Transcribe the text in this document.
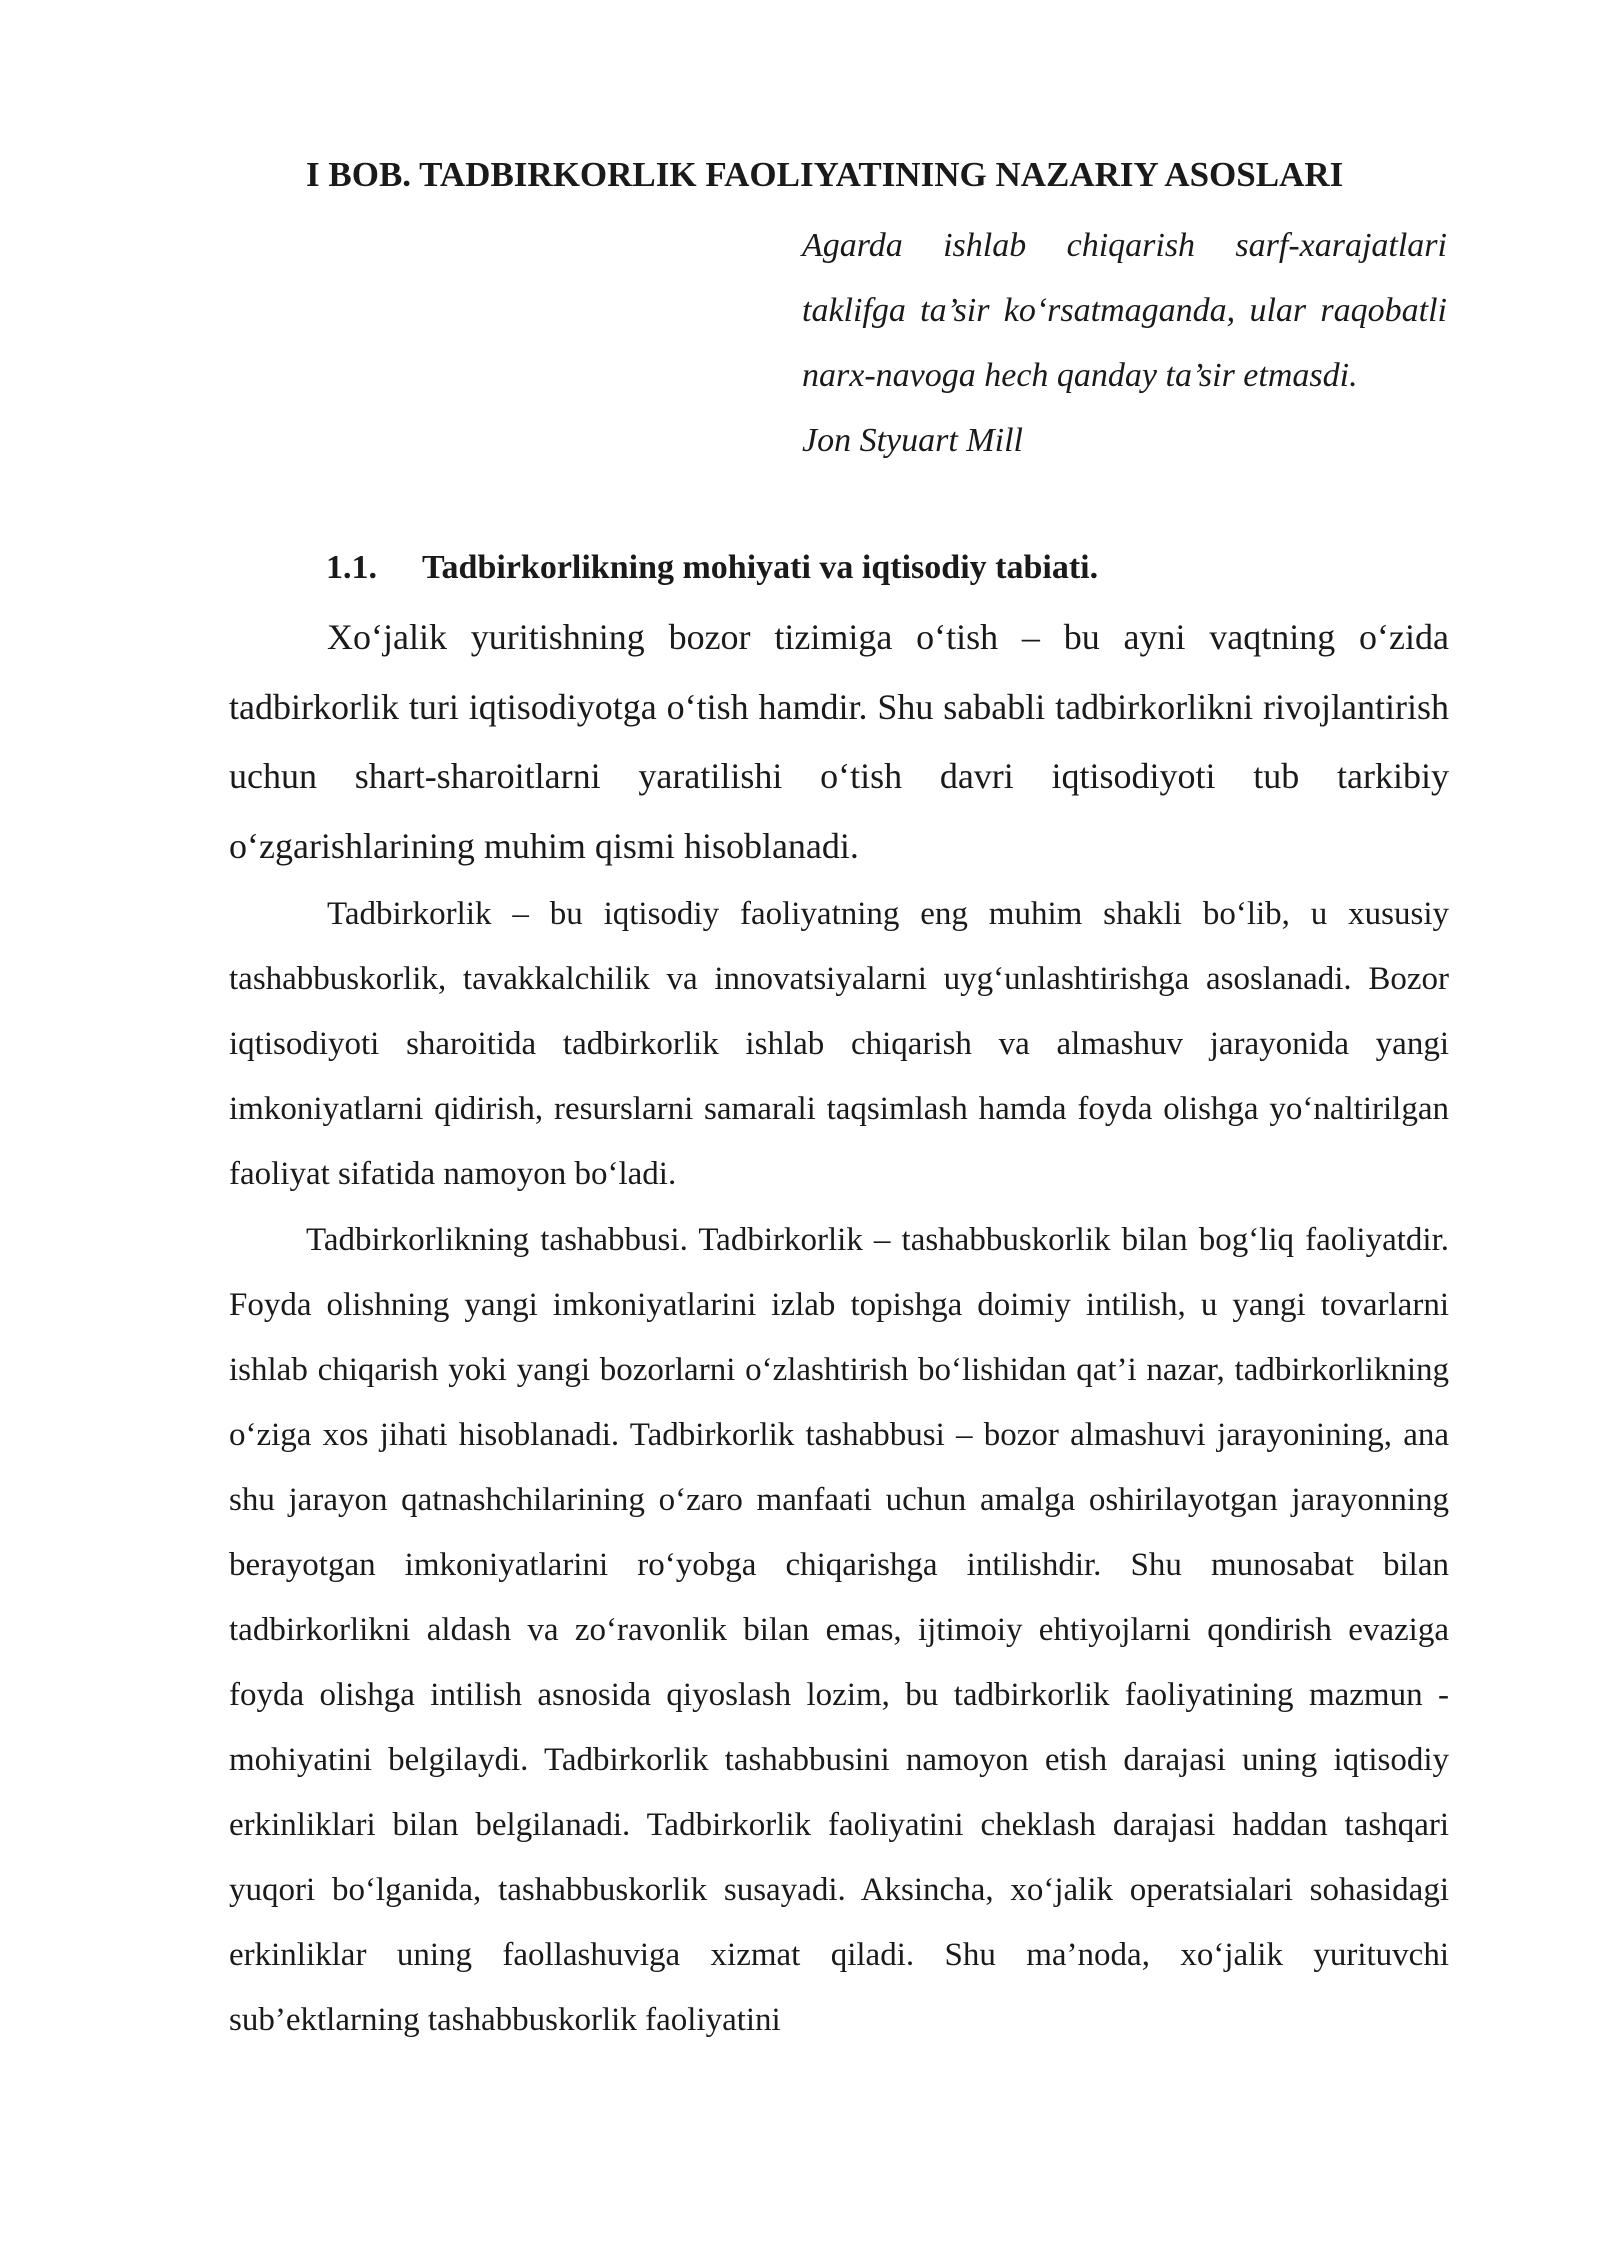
I BOB. TADBIRKORLIK FAOLIYATINING NAZARIY ASOSLARI
Agarda ishlab chiqarish sarf-xarajatlari taklifga ta’sir ko‘rsatmaganda, ular raqobatli narx-navoga hech qanday ta’sir etmasdi.
Jon Styuart Mill
1.1. Tadbirkorlikning mohiyati va iqtisodiy tabiati.

Xo‘jalik yuritishning bozor tizimiga o‘tish – bu ayni vaqtning o‘zida tadbirkorlik turi iqtisodiyotga o‘tish hamdir. Shu sababli tadbirkorlikni rivojlantirish uchun shart-sharoitlarni yaratilishi o‘tish davri iqtisodiyoti tub tarkibiy o‘zgarishlarining muhim qismi hisoblanadi.

Tadbirkorlik – bu iqtisodiy faoliyatning eng muhim shakli bo‘lib, u xususiy tashabbuskorlik, tavakkalchilik va innovatsiyalarni uyg‘unlashtirishga asoslanadi. Bozor iqtisodiyoti sharoitida tadbirkorlik ishlab chiqarish va almashuv jarayonida yangi imkoniyatlarni qidirish, resurslarni samarali taqsimlash hamda foyda olishga yo‘naltirilgan faoliyat sifatida namoyon bo‘ladi.

Tadbirkorlikning tashabbusi. Tadbirkorlik – tashabbuskorlik bilan bog‘liq faoliyatdir. Foyda olishning yangi imkoniyatlarini izlab topishga doimiy intilish, u yangi tovarlarni ishlab chiqarish yoki yangi bozorlarni o‘zlashtirish bo‘lishidan qat’i nazar, tadbirkorlikning o‘ziga xos jihati hisoblanadi. Tadbirkorlik tashabbusi – bozor almashuvi jarayonining, ana shu jarayon qatnashchilarining o‘zaro manfaati uchun amalga oshirilayotgan jarayonning berayotgan imkoniyatlarini ro‘yobga chiqarishga intilishdir. Shu munosabat bilan tadbirkorlikni aldash va zo‘ravonlik bilan emas, ijtimoiy ehtiyojlarni qondirish evaziga foyda olishga intilish asnosida qiyoslash lozim, bu tadbirkorlik faoliyatining mazmun - mohiyatini belgilaydi. Tadbirkorlik tashabbusini namoyon etish darajasi uning iqtisodiy erkinliklari bilan belgilanadi. Tadbirkorlik faoliyatini cheklash darajasi haddan tashqari yuqori bo‘lganida, tashabbuskorlik susayadi. Aksincha, xo‘jalik operatsialari sohasidagi erkinliklar uning faollashuviga xizmat qiladi. Shu ma’noda, xo‘jalik yurituvchi sub’ektlarning tashabbuskorlik faoliyatini
